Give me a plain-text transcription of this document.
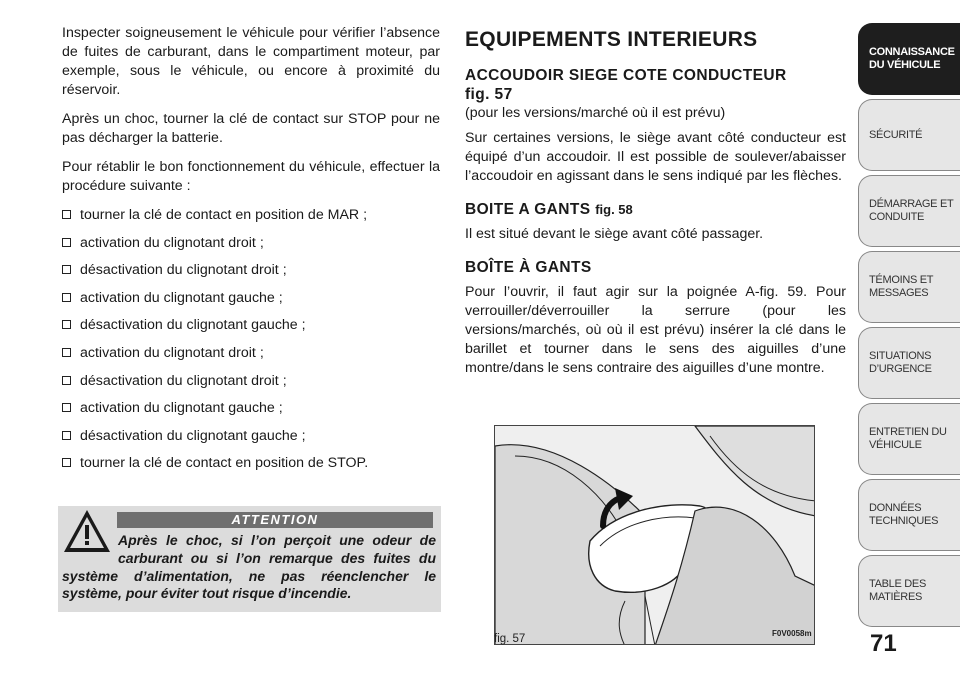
Inspecter soigneusement le véhicule pour vérifier l’absence de fuites de carburant, dans le compartiment moteur, par exemple, sous le véhicule, ou encore à proximité du réservoir.

Après un choc, tourner la clé de contact sur STOP pour ne pas décharger la batterie.

Pour rétablir le bon fonctionnement du véhicule, effectuer la procédure suivante :

tourner la clé de contact en position de MAR ;
activation du clignotant droit ;
désactivation du clignotant droit ;
activation du clignotant gauche ;
désactivation du clignotant gauche ;
activation du clignotant droit ;
désactivation du clignotant droit ;
activation du clignotant gauche ;
désactivation du clignotant gauche ;
tourner la clé de contact en position de STOP.
ATTENTION
Après le choc, si l’on perçoit une odeur de carburant ou si l’on remarque des fuites du système d’alimentation, ne pas réenclencher le système, pour éviter tout risque d’incendie.
EQUIPEMENTS INTERIEURS
ACCOUDOIR SIEGE COTE CONDUCTEUR
fig. 57

(pour les versions/marché où il est prévu)

Sur certaines versions, le siège avant côté conducteur est équipé d’un accoudoir. Il est possible de soulever/abaisser l’accoudoir en agissant dans le sens indiqué par les flèches.

BOITE A GANTS fig. 58

Il est situé devant le siège avant côté passager.

BOÎTE À GANTS

Pour l’ouvrir, il faut agir sur la poignée A-fig. 59. Pour verrouiller/déverrouiller la serrure (pour les versions/marchés, où où il est prévu) insérer la clé dans le barillet et tourner dans le sens des aiguilles d’une montre/dans le sens contraire des aiguilles d’une montre.

fig. 57	F0V0058m 71
CONNAISSANCE DU VÉHICULE
SÉCURITÉ
DÉMARRAGE ET CONDUITE
TÉMOINS ET MESSAGES
SITUATIONS D’URGENCE
ENTRETIEN DU VÉHICULE
DONNÉES TECHNIQUES
TABLE DES MATIÈRES
